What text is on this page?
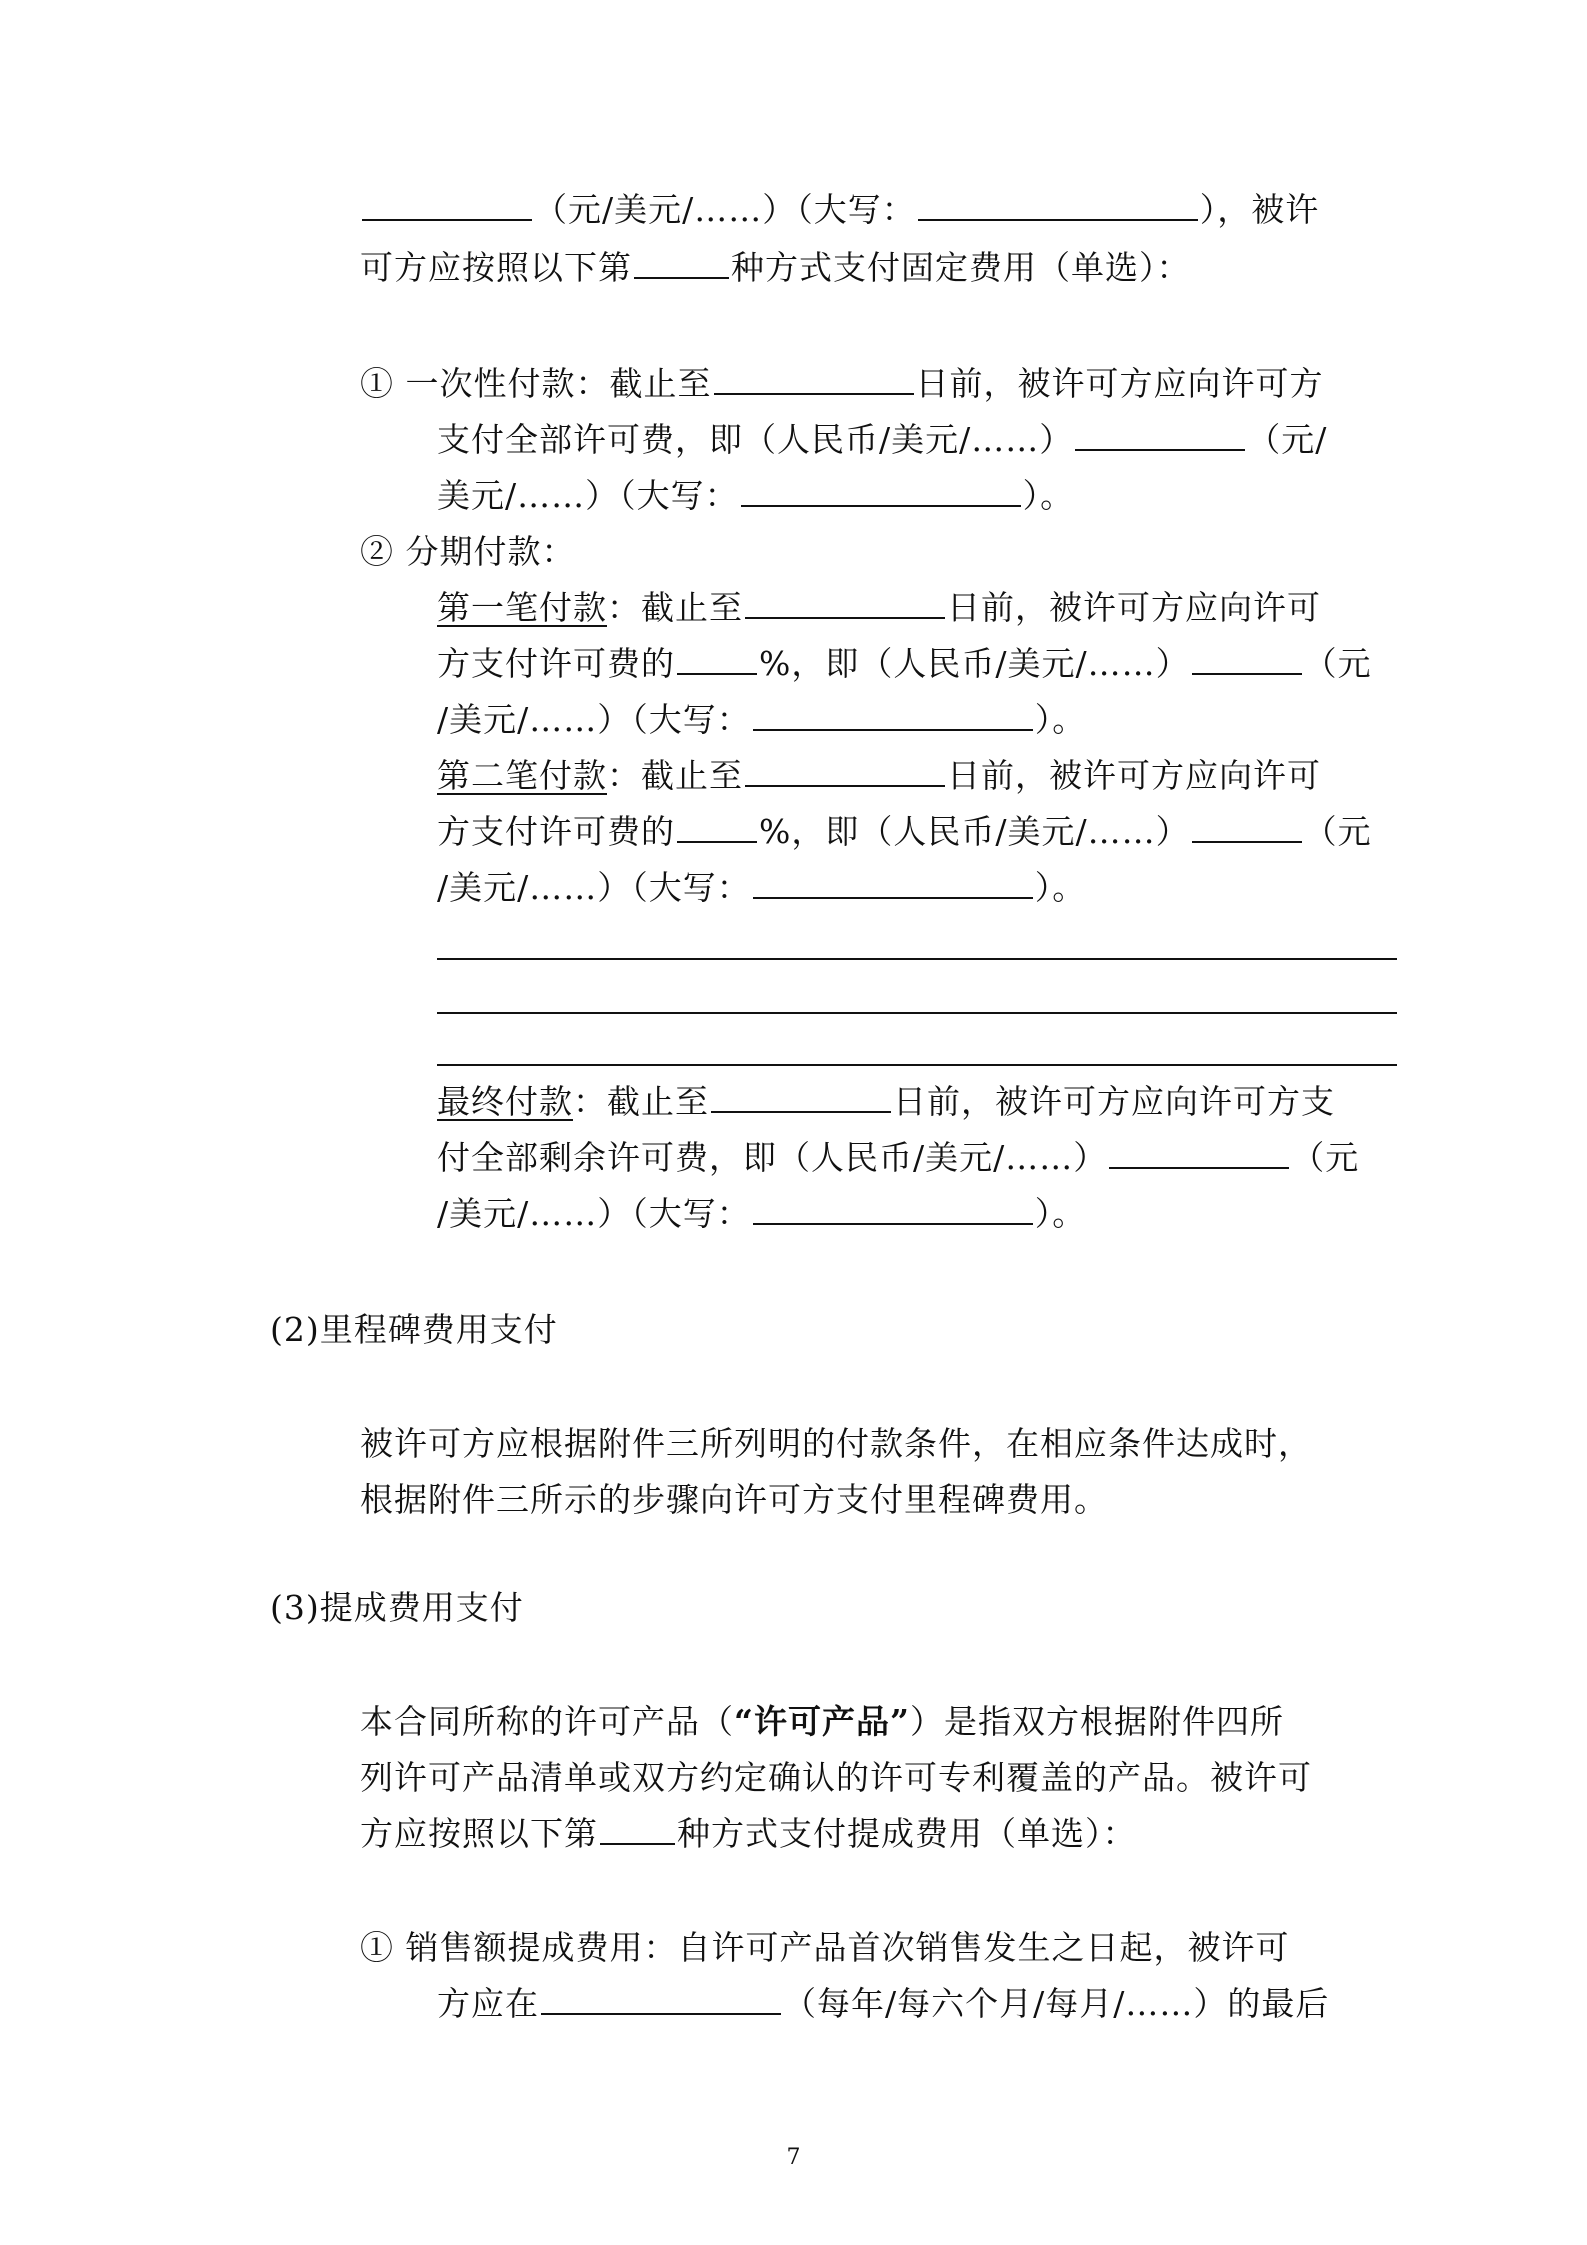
（元/美元/……）（大写：	），被许
可方应按照以下第	种方式支付固定费用（单选）：
① 一次性付款：截止至	日前，被许可方应向许可方
支付全部许可费，即（人民币/美元/……）	（元/
美元/……）（大写：	）。
② 分期付款：
第一笔付款：截止至	日前，被许可方应向许可
方支付许可费的	%，即（人民币/美元/……）	（元
/美元/……）（大写：	）。
第二笔付款：截止至	日前，被许可方应向许可
方支付许可费的	%，即（人民币/美元/……）	（元
/美元/……）（大写：	）。
最终付款：截止至	日前，被许可方应向许可方支
付全部剩余许可费，即（人民币/美元/……）	（元
/美元/……）（大写：	）。
(2)里程碑费用支付
被许可方应根据附件三所列明的付款条件，在相应条件达成时，
根据附件三所示的步骤向许可方支付里程碑费用。
(3)提成费用支付
本合同所称的许可产品（“许可产品”）是指双方根据附件四所
列许可产品清单或双方约定确认的许可专利覆盖的产品。被许可
方应按照以下第 种方式支付提成费用（单选）：
① 销售额提成费用：自许可产品首次销售发生之日起，被许可
方应在	（每年/每六个月/每月/……）的最后
7
